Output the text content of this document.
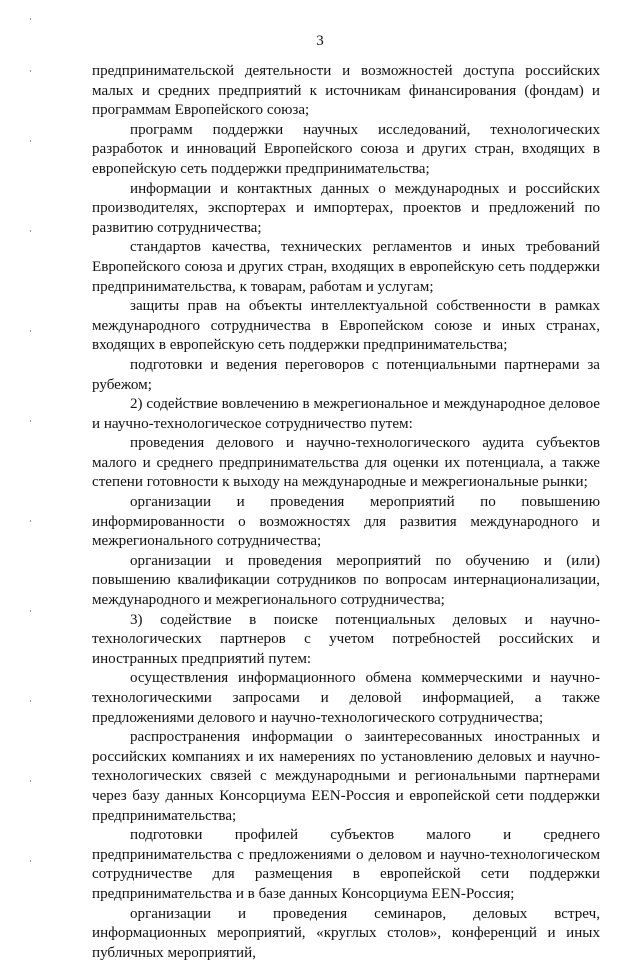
3

предпринимательской деятельности и возможностей доступа российских малых и средних предприятий к источникам финансирования (фондам) и программам Европейского союза;

программ поддержки научных исследований, технологических разработок и инноваций Европейского союза и других стран, входящих в европейскую сеть поддержки предпринимательства;

информации и контактных данных о международных и российских производителях, экспортерах и импортерах, проектов и предложений по развитию сотрудничества;

стандартов качества, технических регламентов и иных требований Европейского союза и других стран, входящих в европейскую сеть поддержки предпринимательства, к товарам, работам и услугам;

защиты прав на объекты интеллектуальной собственности в рамках международного сотрудничества в Европейском союзе и иных странах, входящих в европейскую сеть поддержки предпринимательства;

подготовки и ведения переговоров с потенциальными партнерами за рубежом;

2) содействие вовлечению в межрегиональное и международное деловое и научно-технологическое сотрудничество путем:

проведения делового и научно-технологического аудита субъектов малого и среднего предпринимательства для оценки их потенциала, а также степени готовности к выходу на международные и межрегиональные рынки;

организации и проведения мероприятий по повышению информированности о возможностях для развития международного и межрегионального сотрудничества;

организации и проведения мероприятий по обучению и (или) повышению квалификации сотрудников по вопросам интернационализации, международного и межрегионального сотрудничества;

3) содействие в поиске потенциальных деловых и научно-технологических партнеров с учетом потребностей российских и иностранных предприятий путем:

осуществления информационного обмена коммерческими и научно-технологическими запросами и деловой информацией, а также предложениями делового и научно-технологического сотрудничества;

распространения информации о заинтересованных иностранных и российских компаниях и их намерениях по установлению деловых и научно-технологических связей с международными и региональными партнерами через базу данных Консорциума EEN-Россия и европейской сети поддержки предпринимательства;

подготовки профилей субъектов малого и среднего предпринимательства с предложениями о деловом и научно-технологическом сотрудничестве для размещения в европейской сети поддержки предпринимательства и в базе данных Консорциума EEN-Россия;

организации и проведения семинаров, деловых встреч, информационных мероприятий, «круглых столов», конференций и иных публичных мероприятий,
